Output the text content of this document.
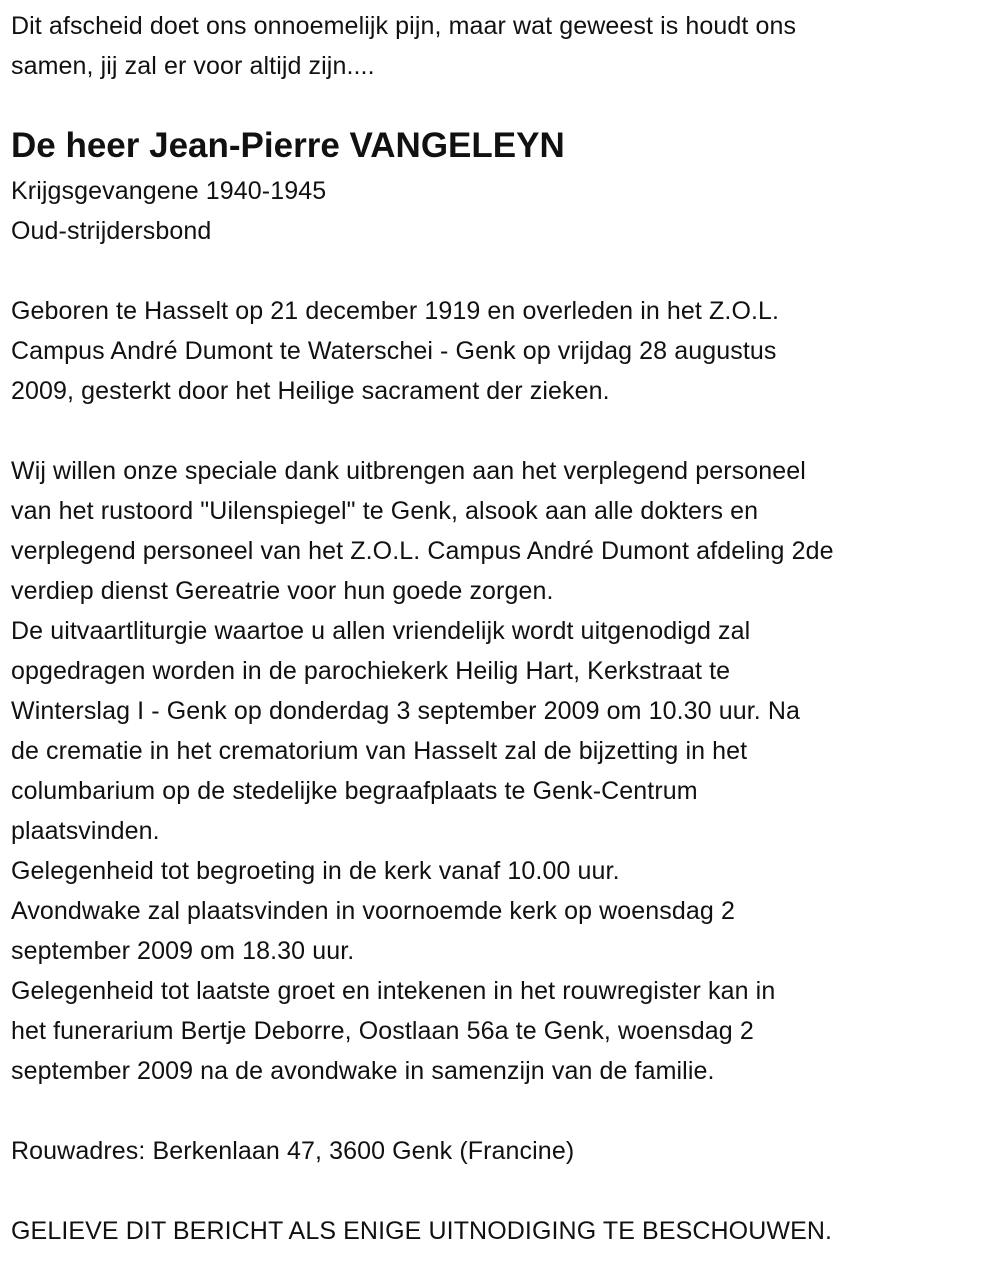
Dit afscheid doet ons onnoemelijk pijn, maar wat geweest is houdt ons
samen, jij zal er voor altijd zijn....
De heer Jean-Pierre VANGELEYN
Krijgsgevangene 1940-1945
Oud-strijdersbond
Geboren te Hasselt op 21 december 1919 en overleden in het Z.O.L.
Campus André Dumont te Waterschei - Genk op vrijdag 28 augustus
2009, gesterkt door het Heilige sacrament der zieken.
Wij willen onze speciale dank uitbrengen aan het verplegend personeel
van het rustoord "Uilenspiegel" te Genk, alsook aan alle dokters en
verplegend personeel van het Z.O.L. Campus André Dumont afdeling 2de
verdiep dienst Gereatrie voor hun goede zorgen.
De uitvaartliturgie waartoe u allen vriendelijk wordt uitgenodigd zal
opgedragen worden in de parochiekerk Heilig Hart, Kerkstraat te
Winterslag I - Genk op donderdag 3 september 2009 om 10.30 uur. Na
de crematie in het crematorium van Hasselt zal de bijzetting in het
columbarium op de stedelijke begraafplaats te Genk-Centrum
plaatsvinden.
Gelegenheid tot begroeting in de kerk vanaf 10.00 uur.
Avondwake zal plaatsvinden in voornoemde kerk op woensdag 2
september 2009 om 18.30 uur.
Gelegenheid tot laatste groet en intekenen in het rouwregister kan in
het funerarium Bertje Deborre, Oostlaan 56a te Genk, woensdag 2
september 2009 na de avondwake in samenzijn van de familie.
Rouwadres: Berkenlaan 47, 3600 Genk (Francine)
GELIEVE DIT BERICHT ALS ENIGE UITNODIGING TE BESCHOUWEN.
